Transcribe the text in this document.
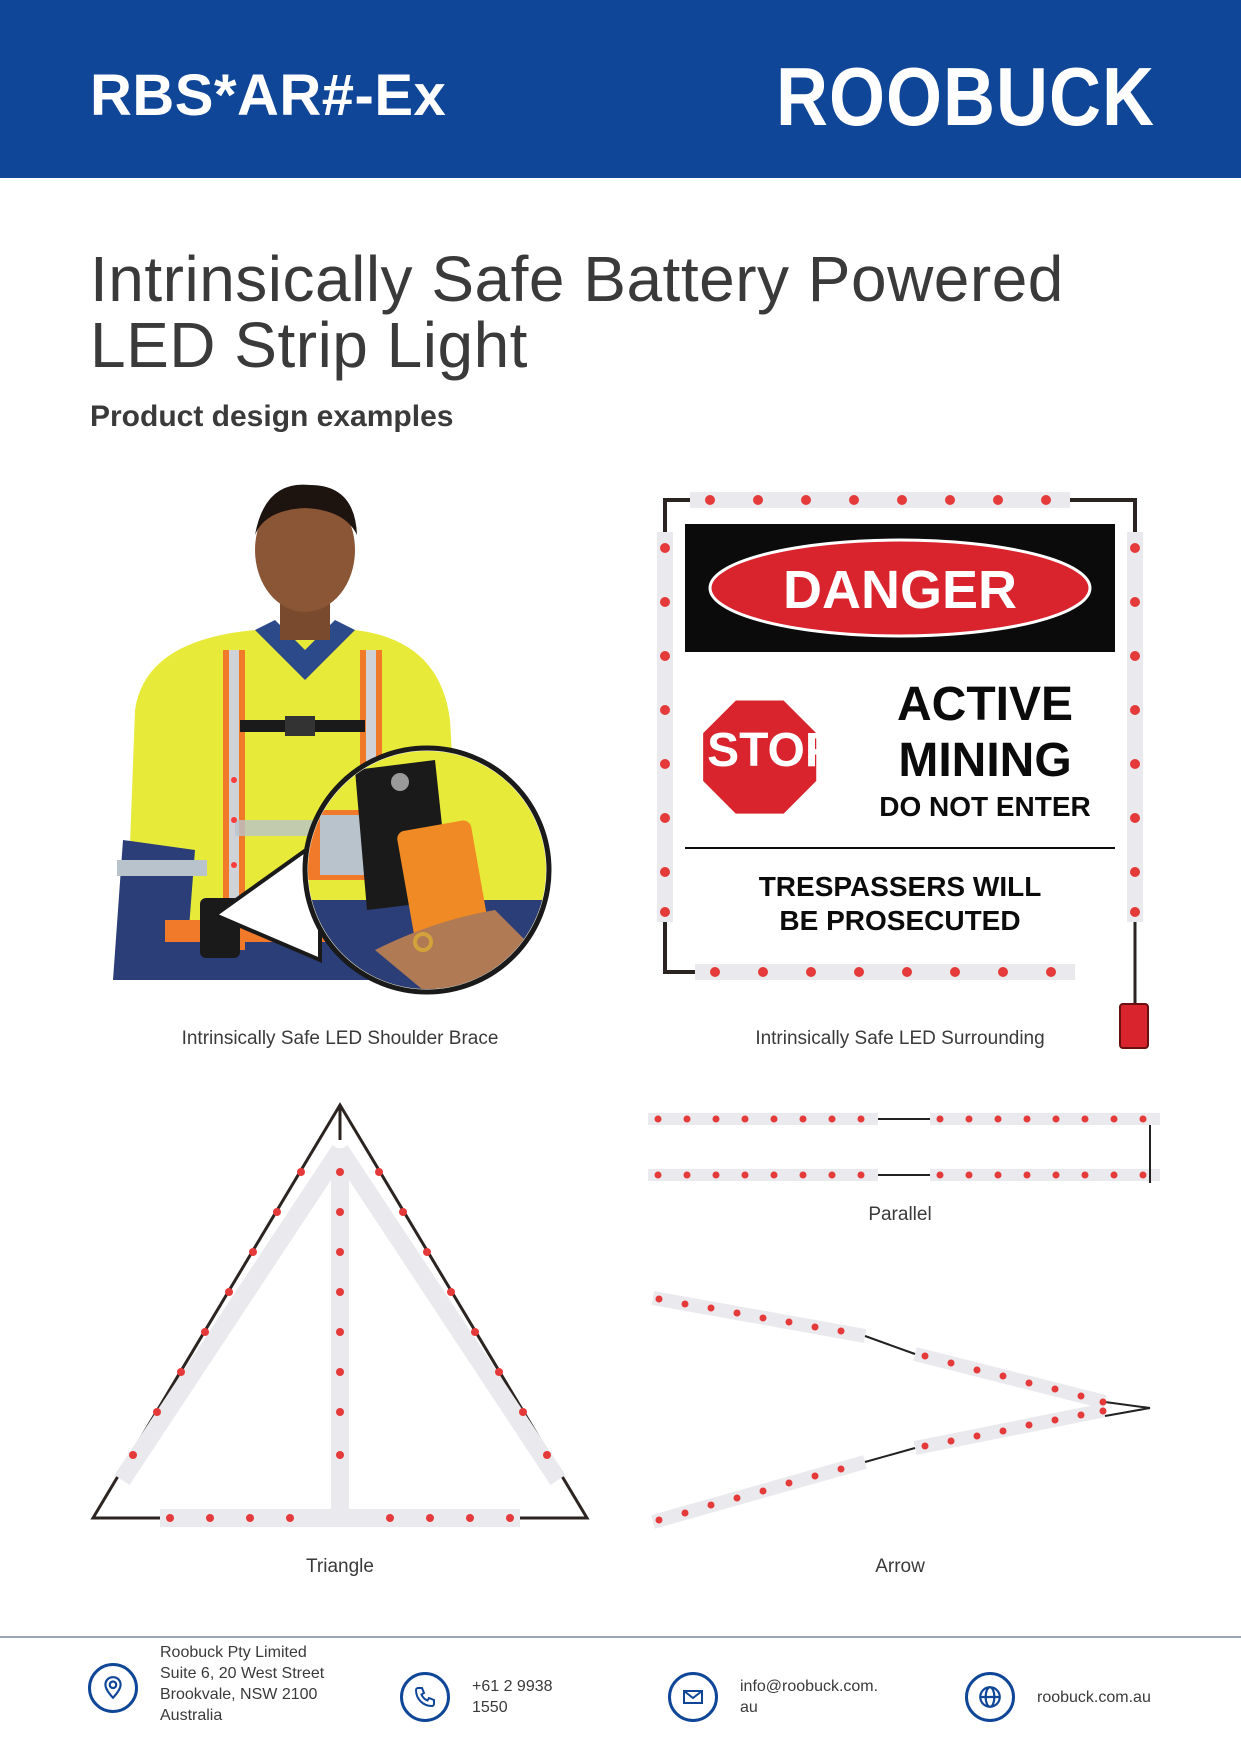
RBS*AR#-Ex	ROOBUCK
Intrinsically Safe Battery Powered
LED Strip Light
Product design examples
Intrinsically Safe LED Shoulder Brace
DANGER
STOP
ACTIVE
MINING
DO NOT ENTER
TRESPASSERS WILL
BE PROSECUTED
Intrinsically Safe LED Surrounding
Parallel
Triangle	Arrow
Roobuck Pty Limited
Suite 6, 20 West Street
Brookvale, NSW 2100
Australia
+61 2 9938
1550
info@roobuck.com.
au
roobuck.com.au
